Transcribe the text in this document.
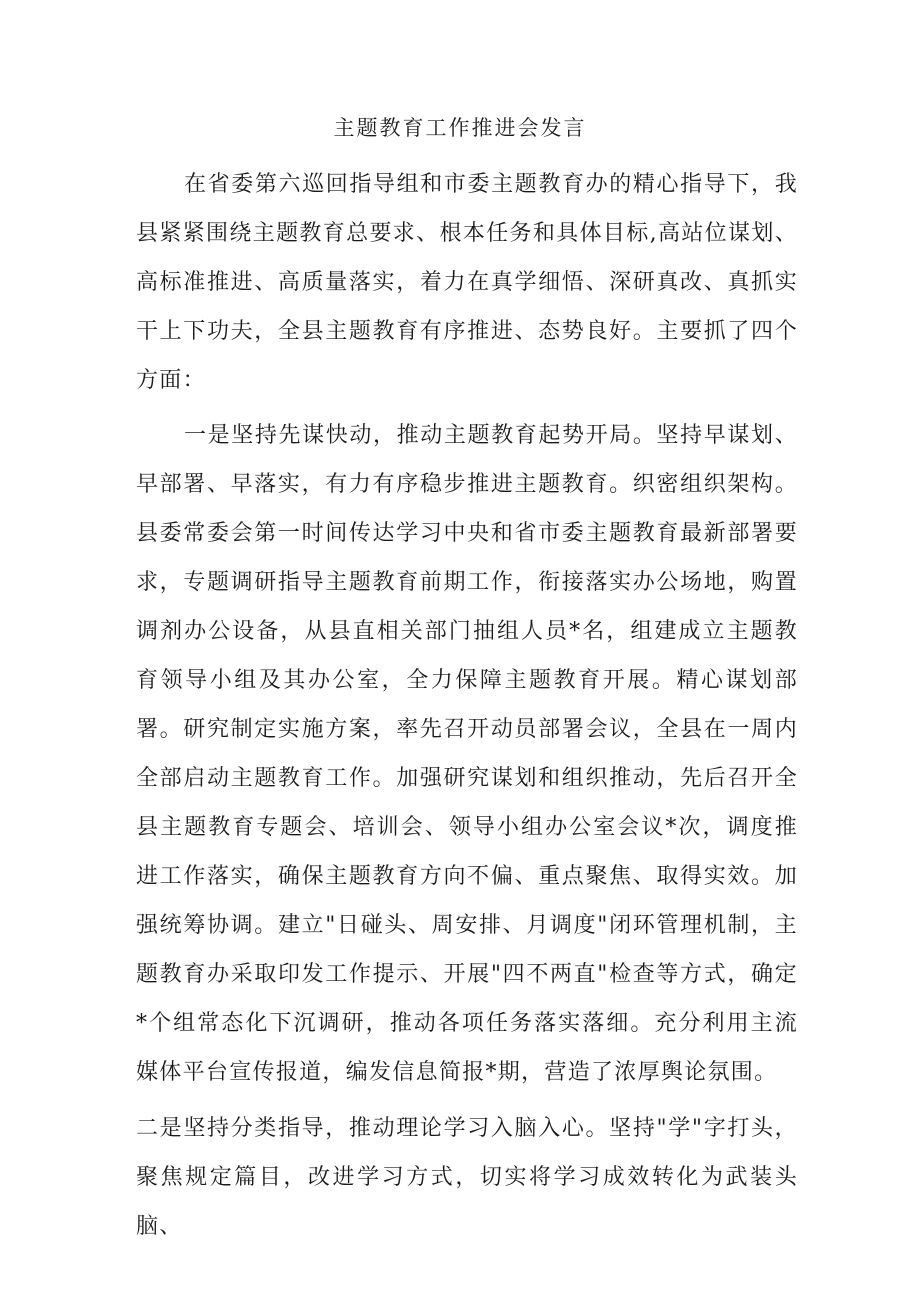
主题教育工作推进会发言

在省委第六巡回指导组和市委主题教育办的精心指导下，我县紧紧围绕主题教育总要求、根本任务和具体目标,高站位谋划、高标准推进、高质量落实，着力在真学细悟、深研真改、真抓实干上下功夫，全县主题教育有序推进、态势良好。主要抓了四个方面：

一是坚持先谋快动，推动主题教育起势开局。坚持早谋划、早部署、早落实，有力有序稳步推进主题教育。织密组织架构。县委常委会第一时间传达学习中央和省市委主题教育最新部署要求，专题调研指导主题教育前期工作，衔接落实办公场地，购置调剂办公设备，从县直相关部门抽组人员*名，组建成立主题教育领导小组及其办公室，全力保障主题教育开展。精心谋划部署。研究制定实施方案，率先召开动员部署会议，全县在一周内全部启动主题教育工作。加强研究谋划和组织推动，先后召开全县主题教育专题会、培训会、领导小组办公室会议*次，调度推进工作落实，确保主题教育方向不偏、重点聚焦、取得实效。加强统筹协调。建立"日碰头、周安排、月调度"闭环管理机制，主题教育办采取印发工作提示、开展"四不两直"检查等方式，确定*个组常态化下沉调研，推动各项任务落实落细。充分利用主流媒体平台宣传报道，编发信息简报*期，营造了浓厚舆论氛围。

二是坚持分类指导，推动理论学习入脑入心。坚持"学"字打头，聚焦规定篇目，改进学习方式，切实将学习成效转化为武装头脑、
